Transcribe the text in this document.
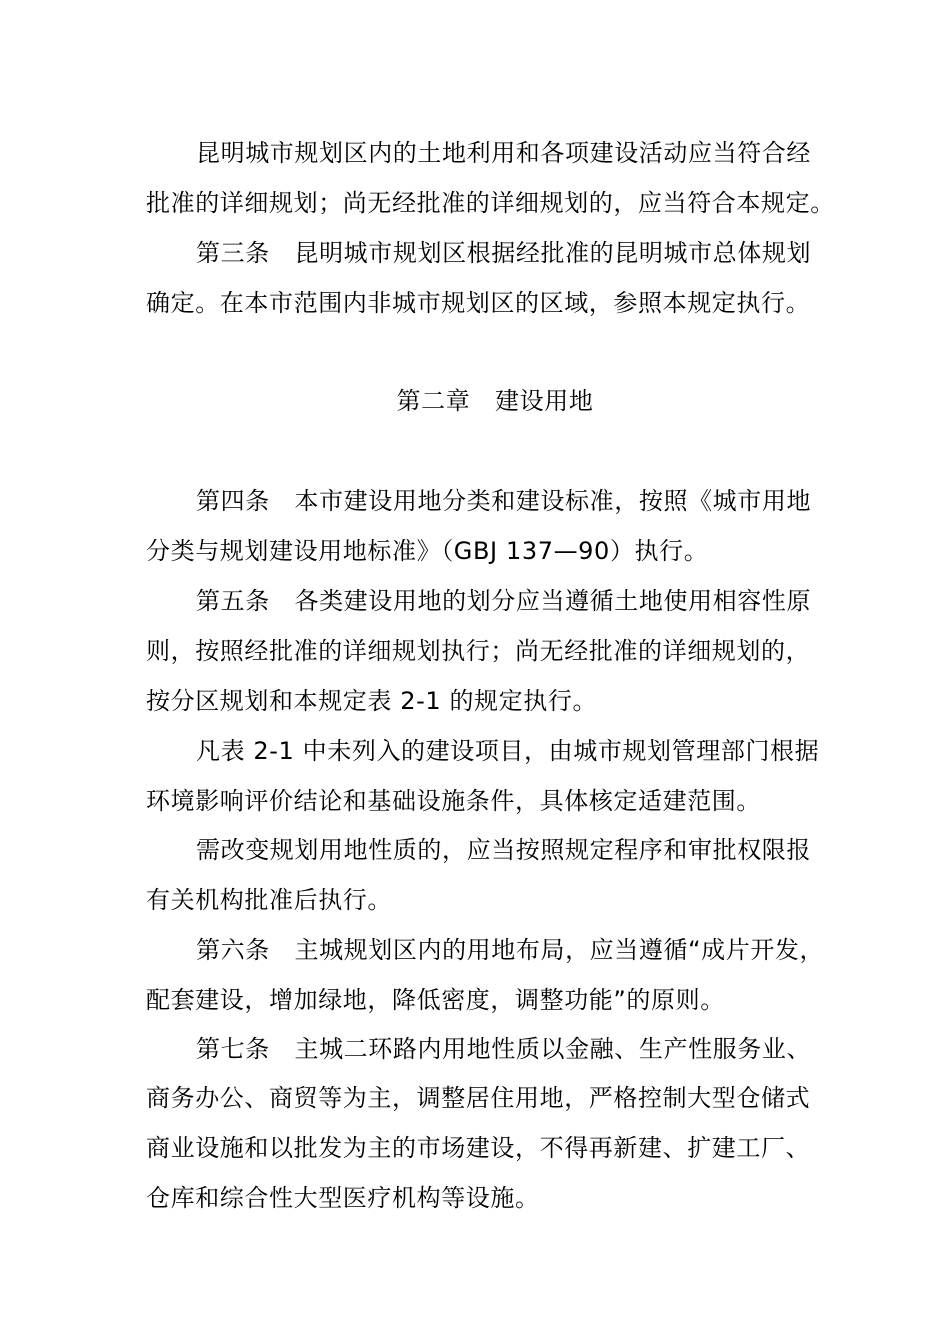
昆明城市规划区内的土地利用和各项建设活动应当符合经
批准的详细规划；尚无经批准的详细规划的，应当符合本规定。
第三条   昆明城市规划区根据经批准的昆明城市总体规划
确定。在本市范围内非城市规划区的区域，参照本规定执行。
第二章   建设用地
第四条   本市建设用地分类和建设标准，按照《城市用地
分类与规划建设用地标准》（GBJ 137—90）执行。
第五条   各类建设用地的划分应当遵循土地使用相容性原
则，按照经批准的详细规划执行；尚无经批准的详细规划的，
按分区规划和本规定表 2-1 的规定执行。
凡表 2-1 中未列入的建设项目，由城市规划管理部门根据
环境影响评价结论和基础设施条件，具体核定适建范围。
需改变规划用地性质的，应当按照规定程序和审批权限报
有关机构批准后执行。
第六条   主城规划区内的用地布局，应当遵循“成片开发，
配套建设，增加绿地，降低密度，调整功能”的原则。
第七条   主城二环路内用地性质以金融、生产性服务业、
商务办公、商贸等为主，调整居住用地，严格控制大型仓储式
商业设施和以批发为主的市场建设，不得再新建、扩建工厂、
仓库和综合性大型医疗机构等设施。
